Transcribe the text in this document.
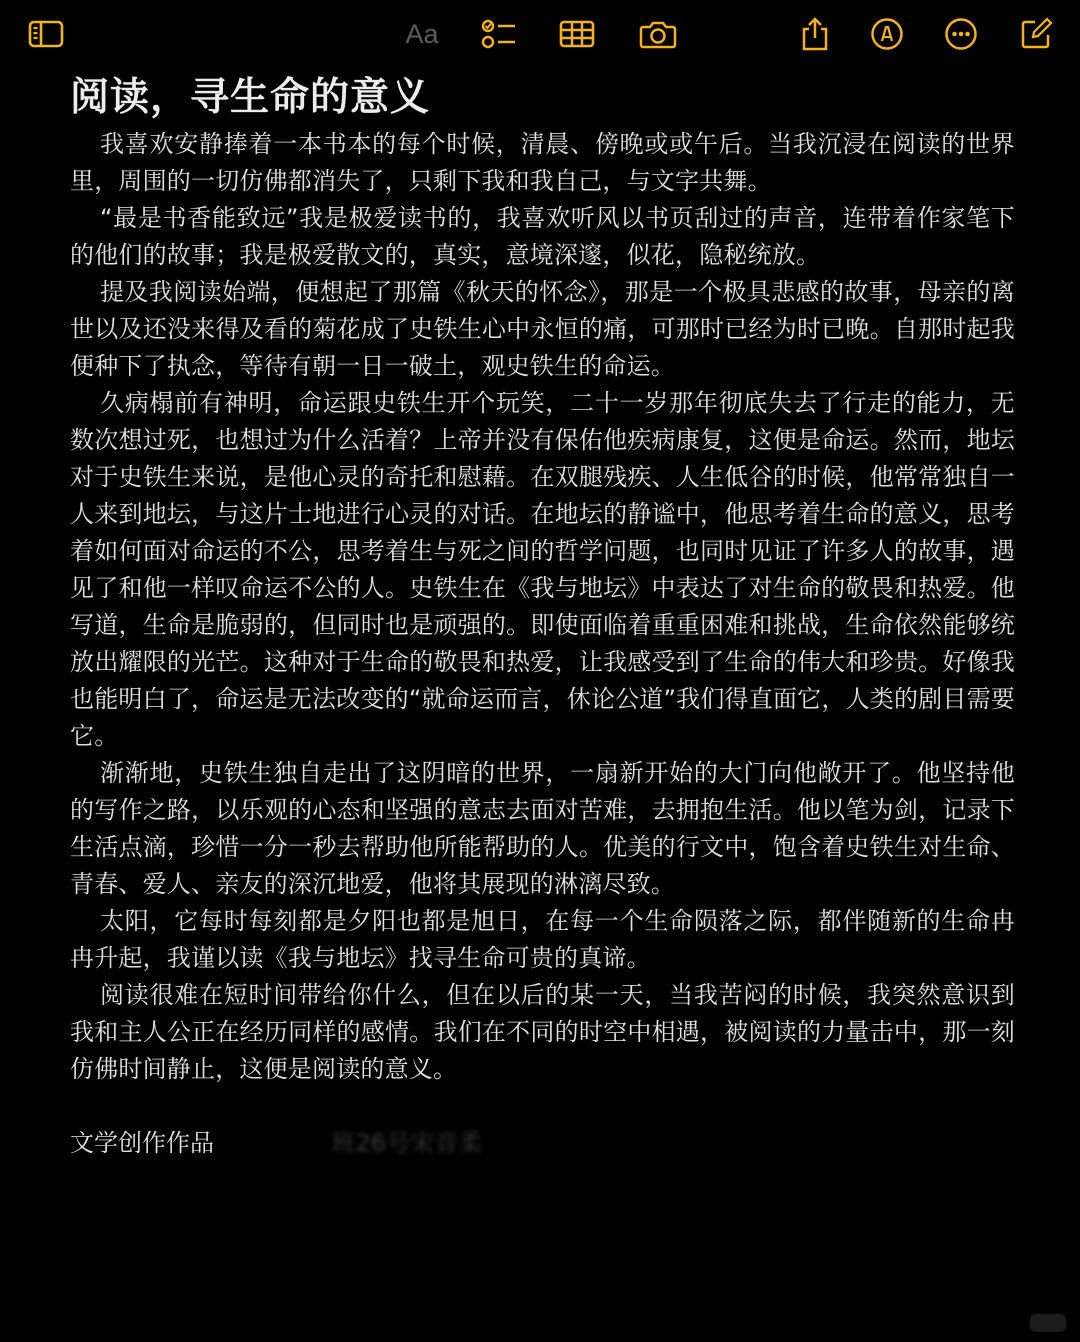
Aa
阅读，寻生命的意义

我喜欢安静捧着一本书本的每个时候，清晨、傍晚或或午后。当我沉浸在阅读的世界里，周围的一切仿佛都消失了，只剩下我和我自己，与文字共舞。

“最是书香能致远”我是极爱读书的，我喜欢听风以书页刮过的声音，连带着作家笔下的他们的故事；我是极爱散文的，真实，意境深邃，似花，隐秘统放。

提及我阅读始端，便想起了那篇《秋天的怀念》，那是一个极具悲感的故事，母亲的离世以及还没来得及看的菊花成了史铁生心中永恒的痛，可那时已经为时已晚。自那时起我便种下了执念，等待有朝一日一破土，观史铁生的命运。

久病榻前有神明，命运跟史铁生开个玩笑，二十一岁那年彻底失去了行走的能力，无数次想过死，也想过为什么活着？上帝并没有保佑他疾病康复，这便是命运。然而，地坛对于史铁生来说，是他心灵的奇托和慰藉。在双腿残疾、人生低谷的时候，他常常独自一人来到地坛，与这片士地进行心灵的对话。在地坛的静谧中，他思考着生命的意义，思考着如何面对命运的不公，思考着生与死之间的哲学问题，也同时见证了许多人的故事，遇见了和他一样叹命运不公的人。史铁生在《我与地坛》中表达了对生命的敬畏和热爱。他写道，生命是脆弱的，但同时也是顽强的。即使面临着重重困难和挑战，生命依然能够统放出耀限的光芒。这种对于生命的敬畏和热爱，让我感受到了生命的伟大和珍贵。好像我也能明白了，命运是无法改变的“就命运而言，休论公道”我们得直面它，人类的剧目需要它。

渐渐地，史铁生独自走出了这阴暗的世界，一扇新开始的大门向他敞开了。他坚持他的写作之路，以乐观的心态和坚强的意志去面对苦难，去拥抱生活。他以笔为剑，记录下生活点滴，珍惜一分一秒去帮助他所能帮助的人。优美的行文中，饱含着史铁生对生命、青春、爱人、亲友的深沉地爱，他将其展现的淋漓尽致。

太阳，它每时每刻都是夕阳也都是旭日，在每一个生命陨落之际，都伴随新的生命冉冉升起，我谨以读《我与地坛》找寻生命可贵的真谛。

阅读很难在短时间带给你什么，但在以后的某一天，当我苦闷的时候，我突然意识到我和主人公正在经历同样的感情。我们在不同的时空中相遇，被阅读的力量击中，那一刻仿佛时间静止，这便是阅读的意义。

文学创作作品	班26号宋音柔
